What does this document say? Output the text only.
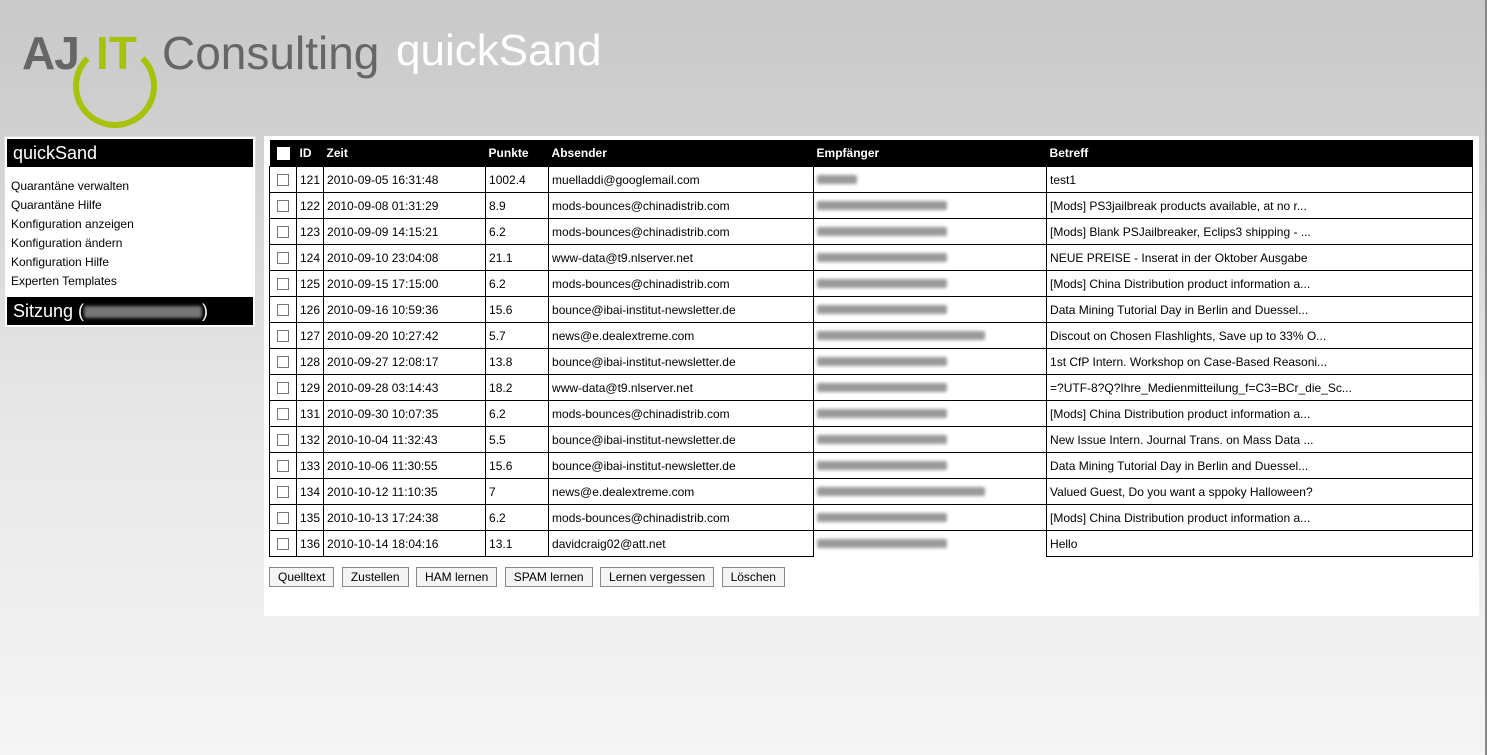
AJ IT Consulting quickSand
quickSand
Quarantäne verwalten
Quarantäne Hilfe
Konfiguration anzeigen
Konfiguration ändern
Konfiguration Hilfe
Experten Templates
Sitzung (	)
	ID	Zeit	Punkte	Absender	Empfänger	Betreff
	121	2010-09-05 16:31:48	1002.4	muelladdi@googlemail.com		test1
	122	2010-09-08 01:31:29	8.9	mods-bounces@chinadistrib.com		[Mods] PS3jailbreak products available, at no r...
	123	2010-09-09 14:15:21	6.2	mods-bounces@chinadistrib.com		[Mods] Blank PSJailbreaker, Eclips3 shipping - ...
	124	2010-09-10 23:04:08	21.1	www-data@t9.nlserver.net		NEUE PREISE - Inserat in der Oktober Ausgabe
	125	2010-09-15 17:15:00	6.2	mods-bounces@chinadistrib.com		[Mods] China Distribution product information a...
	126	2010-09-16 10:59:36	15.6	bounce@ibai-institut-newsletter.de		Data Mining Tutorial Day in Berlin and Duessel...
	127	2010-09-20 10:27:42	5.7	news@e.dealextreme.com		Discout on Chosen Flashlights, Save up to 33% O...
	128	2010-09-27 12:08:17	13.8	bounce@ibai-institut-newsletter.de		1st CfP Intern. Workshop on Case-Based Reasoni...
	129	2010-09-28 03:14:43	18.2	www-data@t9.nlserver.net		=?UTF-8?Q?Ihre_Medienmitteilung_f=C3=BCr_die_Sc...
	131	2010-09-30 10:07:35	6.2	mods-bounces@chinadistrib.com		[Mods] China Distribution product information a...
	132	2010-10-04 11:32:43	5.5	bounce@ibai-institut-newsletter.de		New Issue Intern. Journal Trans. on Mass Data ...
	133	2010-10-06 11:30:55	15.6	bounce@ibai-institut-newsletter.de		Data Mining Tutorial Day in Berlin and Duessel...
	134	2010-10-12 11:10:35	7	news@e.dealextreme.com		Valued Guest, Do you want a sppoky Halloween?
	135	2010-10-13 17:24:38	6.2	mods-bounces@chinadistrib.com		[Mods] China Distribution product information a...
	136	2010-10-14 18:04:16	13.1	davidcraig02@att.net		Hello
Quelltext Zustellen HAM lernen SPAM lernen Lernen vergessen Löschen
